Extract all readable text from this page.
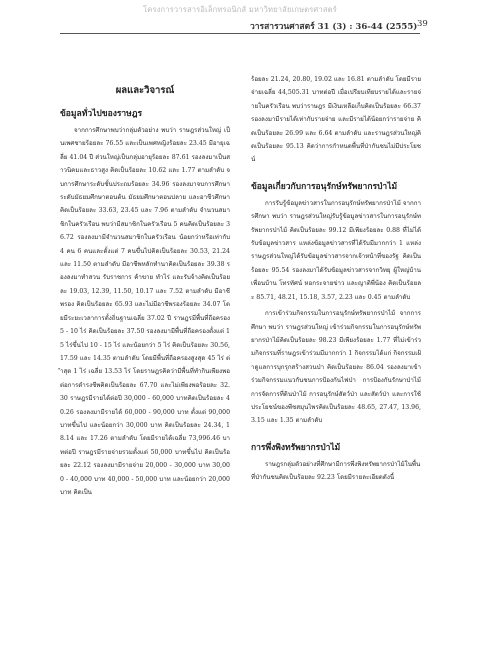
โครงการวารสารอิเล็กทรอนิกส์ มหาวิทยาลัยเกษตรศาสตร์
วารสารวนศาสตร์ 31 (3) : 36-44 (2555) 39
ผลและวิจารณ์
ข้อมูลทั่วไปของราษฎร

จากการศึกษาพบว่ากลุ่มตัวอย่าง พบว่า ราษฎรส่วนใหญ่ เป็นเพศชายร้อยละ 76.55 และเป็นเพศหญิงร้อยละ 23.45 มีอายุเฉลี่ย 41.04 ปี ส่วนใหญ่เป็นกลุ่มอายุร้อยละ 87.61 รองลงมาเป็นสาวนิคมและธาวสูง คิดเป็นร้อยละ 10.62 และ 1.77 ตามลำดับ จบการศึกษาระดับชั้นประถมร้อยละ 34.96 รองลงมาจบการศึกษาระดับมัธยมศึกษาตอนต้น มัธยมศึกษาตอนปลาย และอาชีวศึกษาคิดเป็นร้อยละ 33.63, 23.45 และ 7.96 ตามลำดับ จำนวนสมาชิกในครัวเรือน พบว่ามีสมาชิกในครัวเรือน 5 คนคิดเป็นร้อยละ 36.72 รองลงมามีจำนวนสมาชิกในครัวเรือน น้อยกว่าหรือเท่ากับ 4 คน 6 คนและตั้งแต่ 7 คนขึ้นไปคิดเป็นร้อยละ 30.53, 21.24 และ 11.50 ตามลำดับ มีอาชีพหลักทำนาคิดเป็นร้อยละ 39.38 รองลงมาทำสวน รับราชการ ค้าขาย ทำไร่ และรับจ้างคิดเป็นร้อยละ 19.03, 12.39, 11.50, 10.17 และ 7.52 ตามลำดับ มีอาชีพรอง คิดเป็นร้อยละ 65.93 และไม่มีอาชีพรองร้อยละ 34.07 โดยมีระยะเวลาการตั้งถิ่นฐานเฉลี่ย 37.02 ปี ราษฎรมีพื้นที่ถือครอง 5 - 10 ไร่ คิดเป็นร้อยละ 37.50 รองลงมามีพื้นที่ถือครองตั้งแต่ 15 ไร่ขึ้นไป 10 - 15 ไร่ และน้อยกว่า 5 ไร่ คิดเป็นร้อยละ 30.56, 17.59 และ 14.35 ตามลำดับ โดยมีพื้นที่ถือครองสูงสุด 45 ไร่ ต่ำสุด 1 ไร่ เฉลี่ย 13.53 ไร่ โดยราษฎรคิดว่ามีพื้นที่ทำกินเพียงพอต่อการดำรงชีพคิดเป็นร้อยละ 67.70 และไม่เพียงพอร้อยละ 32.30 ราษฎรมีรายได้ต่อปี 30,000 - 60,000 บาทคิดเป็นร้อยละ 40.26 รองลงมามีรายได้ 60,000 - 90,000 บาท ตั้งแต่ 90,000 บาทขึ้นไป และน้อยกว่า 30,000 บาท คิดเป็นร้อยละ 24.34, 18.14 และ 17.26 ตามลำดับ โดยมีรายได้เฉลี่ย 73,996.46 บาทต่อปี ราษฎรมีรายจ่ายรวมตั้งแต่ 50,000 บาทขึ้นไป คิดเป็นร้อยละ 22.12 รองลงมามีรายจ่าย 20,000 - 30,000 บาท 30,000 - 40,000 บาท 40,000 - 50,000 บาท และน้อยกว่า 20,000 บาท คิดเป็น

ร้อยละ 21.24, 20.80, 19.02 และ 16.81 ตามลำดับ โดยมีรายจ่ายเฉลี่ย 44,505.31 บาทต่อปี เมื่อเปรียบเทียบรายได้และรายจ่ายในครัวเรือน พบว่าราษฎร มีเงินเหลือเก็บคิดเป็นร้อยละ 66.37 รองลงมามีรายได้เท่ากับรายจ่าย และมีรายได้น้อยกว่ารายจ่าย คิดเป็นร้อยละ 26.99 และ 6.64 ตามลำดับ และราษฎรส่วนใหญ่คิดเป็นร้อยละ 95.13 คิดว่าการกำหนดพื้นที่ป่ากันชนไม่มีประโยชน์

ข้อมูลเกี่ยวกับการอนุรักษ์ทรัพยากรป่าไม้

การรับรู้ข้อมูลข่าวสารในการอนุรักษ์ทรัพยากรป่าไม้ จากการศึกษา พบว่า ราษฎรส่วนใหญ่รับรู้ข้อมูลข่าวสารในการอนุรักษ์ทรัพยากรป่าไม้ คิดเป็นร้อยละ 99.12 มีเพียงร้อยละ 0.88 ที่ไม่ได้รับข้อมูลข่าวสาร แหล่งข้อมูลข่าวสารที่ได้รับมีมากกว่า 1 แหล่ง ราษฎรส่วนใหญ่ได้รับข้อมูลข่าวสารจากเจ้าหน้าที่ของรัฐ คิดเป็นร้อยละ 95.54 รองลงมาได้รับข้อมูลข่าวสารจากวิทยุ ผู้ใหญ่บ้าน เพื่อนบ้าน โทรทัศน์ หอกระจายข่าว และญาติพี่น้อง คิดเป็นร้อยละ 85.71, 48.21, 15.18, 3.57, 2.23 และ 0.45 ตามลำดับ

การเข้าร่วมกิจกรรมในการอนุรักษ์ทรัพยากรป่าไม้ จากการศึกษา พบว่า ราษฎรส่วนใหญ่ เข้าร่วมกิจกรรมในการอนุรักษ์ทรัพยากรป่าไม้คิดเป็นร้อยละ 98.23 มีเพียงร้อยละ 1.77 ที่ไม่เข้าร่วมกิจกรรมที่ราษฎรเข้าร่วมมีมากกว่า 1 กิจกรรมได้แก่ กิจกรรมเฝ้าดูแลการบุกรุกสร้างสวนป่า คิดเป็นร้อยละ 86.04 รองลงมาเข้าร่วมกิจกรรมแนวกันชนการป้องกันไฟป่า การป้องกันรักษาป่าไม้ การจัดการที่ดินป่าไม้ การอนุรักษ์สัตว์ป่า และสัตว์ป่า และการใช้ประโยชน์ของพืชสมุนไพรคิดเป็นร้อยละ 48.65, 27.47, 13.96, 3.15 และ 1.35 ตามลำดับ

การพึ่งพิงทรัพยากรป่าไม้

ราษฎรกลุ่มตัวอย่างที่ศึกษามีการพึ่งพิงทรัพยากรป่าไม้ในพื้นที่ป่ากันชนคิดเป็นร้อยละ 92.23 โดยมีรายละเอียดดังนี้
